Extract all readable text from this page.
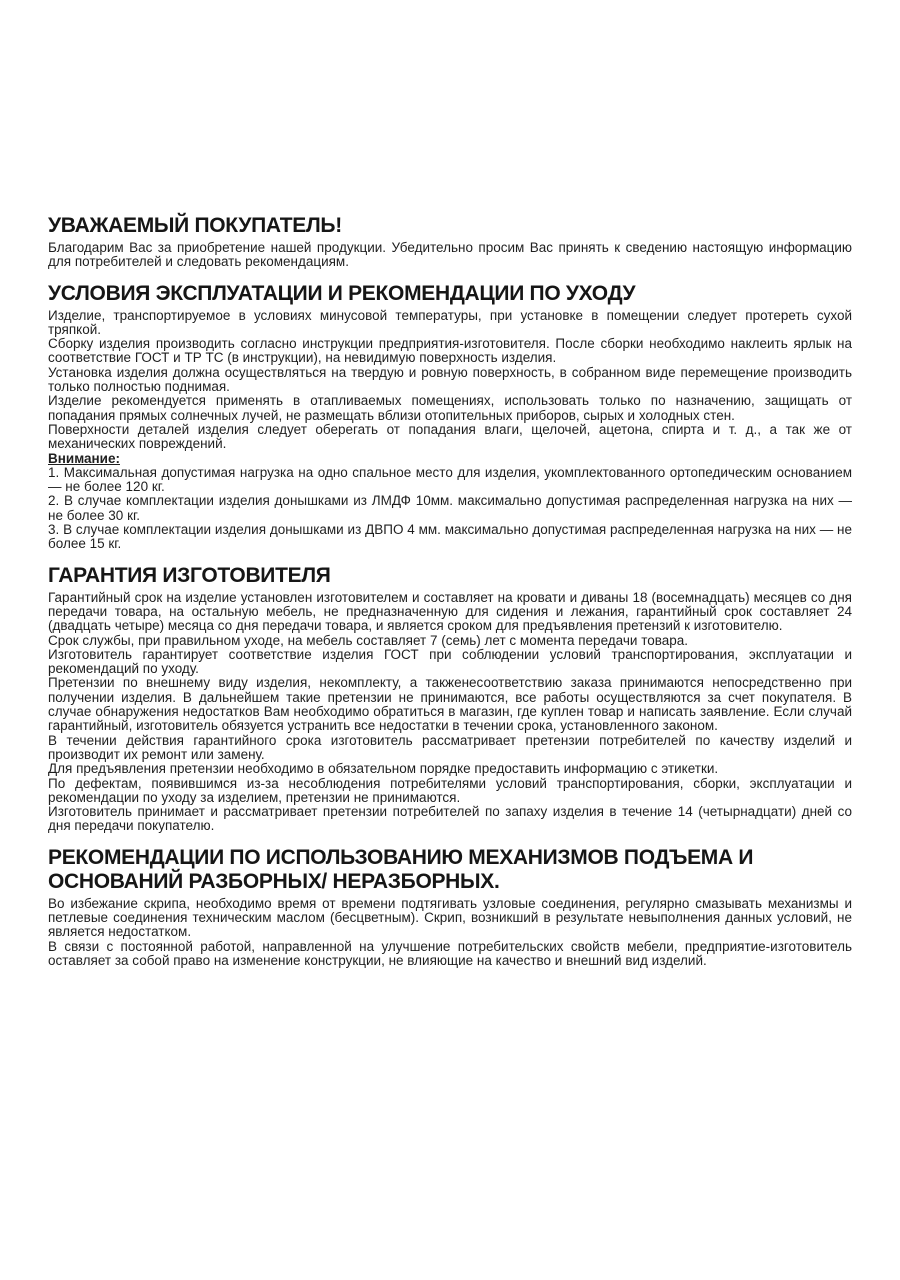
УВАЖАЕМЫЙ ПОКУПАТЕЛЬ!

Благодарим Вас за приобретение нашей продукции. Убедительно просим Вас принять к сведению настоящую информацию для потребителей и следовать рекомендациям.

УСЛОВИЯ ЭКСПЛУАТАЦИИ И РЕКОМЕНДАЦИИ ПО УХОДУ

Изделие, транспортируемое в условиях минусовой температуры, при установке в помещении следует протереть сухой тряпкой.

Сборку изделия производить согласно инструкции предприятия-изготовителя. После сборки необходимо наклеить ярлык на соответствие ГОСТ и ТР ТС (в инструкции), на невидимую поверхность изделия.

Установка изделия должна осуществляться на твердую и ровную поверхность, в собранном виде перемещение производить только полностью поднимая.

Изделие рекомендуется применять в отапливаемых помещениях, использовать только по назначению, защищать от попадания прямых солнечных лучей, не размещать вблизи отопительных приборов, сырых и холодных стен.

Поверхности деталей изделия следует оберегать от попадания влаги, щелочей, ацетона, спирта и т. д., а так же от механических повреждений.

Внимание:

1. Максимальная допустимая нагрузка на одно спальное место для изделия, укомплектованного ортопедическим основанием — не более 120 кг.

2. В случае комплектации изделия донышками из ЛМДФ 10мм. максимально допустимая распределенная нагрузка на них — не более 30 кг.

3. В случае комплектации изделия донышками из ДВПО 4 мм. максимально допустимая распределенная нагрузка на них — не более 15 кг.

ГАРАНТИЯ ИЗГОТОВИТЕЛЯ

Гарантийный срок на изделие установлен изготовителем и составляет на кровати и диваны 18 (восемнадцать) месяцев со дня передачи товара, на остальную мебель, не предназначенную для сидения и лежания, гарантийный срок составляет 24 (двадцать четыре) месяца со дня передачи товара, и является сроком для предъявления претензий к изготовителю.

Срок службы, при правильном уходе, на мебель составляет 7 (семь) лет с момента передачи товара.

Изготовитель гарантирует соответствие изделия ГОСТ при соблюдении условий транспортирования, эксплуатации и рекомендаций по уходу.

Претензии по внешнему виду изделия, некомплекту, а такженесоответствию заказа принимаются непосредственно при получении изделия. В дальнейшем такие претензии не принимаются, все работы осуществляются за счет покупателя. В случае обнаружения недостатков Вам необходимо обратиться в магазин, где куплен товар и написать заявление. Если случай гарантийный, изготовитель обязуется устранить все недостатки в течении срока, установленного законом.

В течении действия гарантийного срока изготовитель рассматривает претензии потребителей по качеству изделий и производит их ремонт или замену.

Для предъявления претензии необходимо в обязательном порядке предоставить информацию с этикетки.

По дефектам, появившимся из-за несоблюдения потребителями условий транспортирования, сборки, эксплуатации и рекомендации по уходу за изделием, претензии не принимаются.

Изготовитель принимает и рассматривает претензии потребителей по запаху изделия в течение 14 (четырнадцати) дней со дня передачи покупателю.

РЕКОМЕНДАЦИИ ПО ИСПОЛЬЗОВАНИЮ МЕХАНИЗМОВ ПОДЪЕМА И ОСНОВАНИЙ РАЗБОРНЫХ/ НЕРАЗБОРНЫХ.

Во избежание скрипа, необходимо время от времени подтягивать узловые соединения, регулярно смазывать механизмы и петлевые соединения техническим маслом (бесцветным). Скрип, возникший в результате невыполнения данных условий, не является недостатком.

В связи с постоянной работой, направленной на улучшение потребительских свойств мебели, предприятие-изготовитель оставляет за собой право на изменение конструкции, не влияющие на качество и внешний вид изделий.
